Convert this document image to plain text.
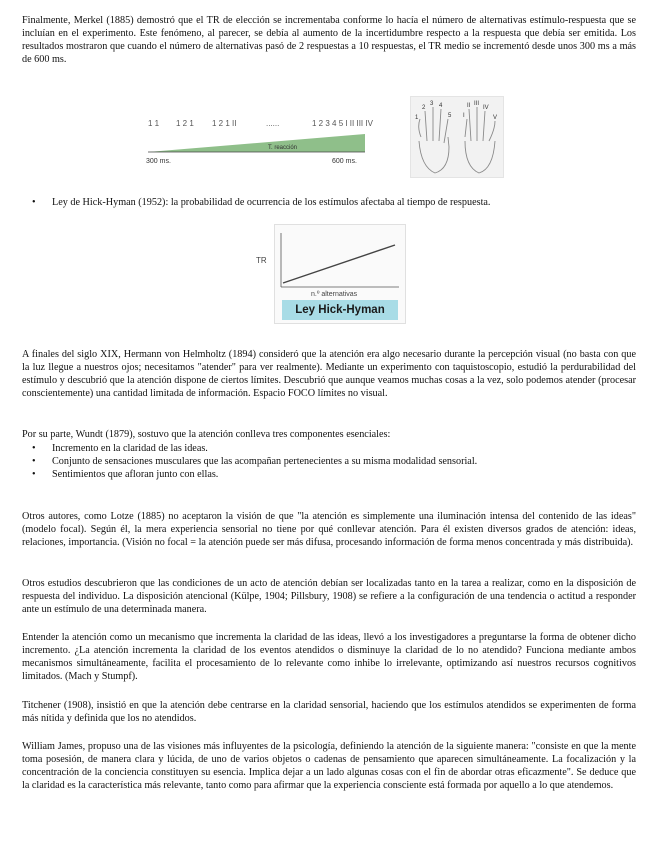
Finalmente, Merkel (1885) demostró que el TR de elección se incrementaba conforme lo hacía el número de alternativas estímulo-respuesta que se incluían en el experimento. Este fenómeno, al parecer, se debía al aumento de la incertidumbre respecto a la respuesta que debía ser emitida. Los resultados mostraron que cuando el número de alternativas pasó de 2 respuestas a 10 respuestas, el TR medio se incrementó desde unos 300 ms a más de 600 ms.

1 1 1 2 1 1 2 1 II	......	1 2 3 4 5 I II III IV V
T. reacción
300 ms.	600 ms.
1
2
3 4
5 I
II III
IV
V
• Ley de Hick-Hyman (1952): la probabilidad de ocurrencia de los estímulos afectaba al tiempo de respuesta.
n.º alternativas
Ley Hick-Hyman
TR

A finales del siglo XIX, Hermann von Helmholtz (1894) consideró que la atención era algo necesario durante la percepción visual (no basta con que la luz llegue a nuestros ojos; necesitamos "atender" para ver realmente). Mediante un experimento con taquistoscopio, estudió la perdurabilidad del estímulo y descubrió que la atención dispone de ciertos límites. Descubrió que aunque veamos muchas cosas a la vez, solo podemos atender (procesar conscientemente) una cantidad limitada de información. Espacio FOCO límites no visual.

Por su parte, Wundt (1879), sostuvo que la atención conlleva tres componentes esenciales:

• Incremento en la claridad de las ideas.
• Conjunto de sensaciones musculares que las acompañan pertenecientes a su misma modalidad sensorial.
• Sentimientos que afloran junto con ellas.

Otros autores, como Lotze (1885) no aceptaron la visión de que "la atención es simplemente una iluminación intensa del contenido de las ideas" (modelo focal). Según él, la mera experiencia sensorial no tiene por qué conllevar atención. Para él existen diversos grados de atención: ideas, relaciones, importancia. (Visión no focal = la atención puede ser más difusa, procesando información de forma menos concentrada y más distribuida).

Otros estudios descubrieron que las condiciones de un acto de atención debían ser localizadas tanto en la tarea a realizar, como en la disposición de respuesta del individuo. La disposición atencional (Külpe, 1904; Pillsbury, 1908) se refiere a la configuración de una tendencia o actitud a responder ante un estímulo de una determinada manera.

Entender la atención como un mecanismo que incrementa la claridad de las ideas, llevó a los investigadores a preguntarse la forma de obtener dicho incremento. ¿La atención incrementa la claridad de los eventos atendidos o disminuye la claridad de lo no atendido? Funciona mediante ambos mecanismos simultáneamente, facilita el procesamiento de lo relevante como inhibe lo irrelevante, optimizando así nuestros recursos cognitivos limitados. (Mach y Stumpf).

Titchener (1908), insistió en que la atención debe centrarse en la claridad sensorial, haciendo que los estímulos atendidos se experimenten de forma más nítida y definida que los no atendidos.

William James, propuso una de las visiones más influyentes de la psicología, definiendo la atención de la siguiente manera: "consiste en que la mente toma posesión, de manera clara y lúcida, de uno de varios objetos o cadenas de pensamiento que aparecen simultáneamente. La focalización y la concentración de la conciencia constituyen su esencia. Implica dejar a un lado algunas cosas con el fin de abordar otras eficazmente". Se deduce que la claridad es la característica más relevante, tanto como para afirmar que la experiencia consciente está formada por aquello a lo que atendemos.
